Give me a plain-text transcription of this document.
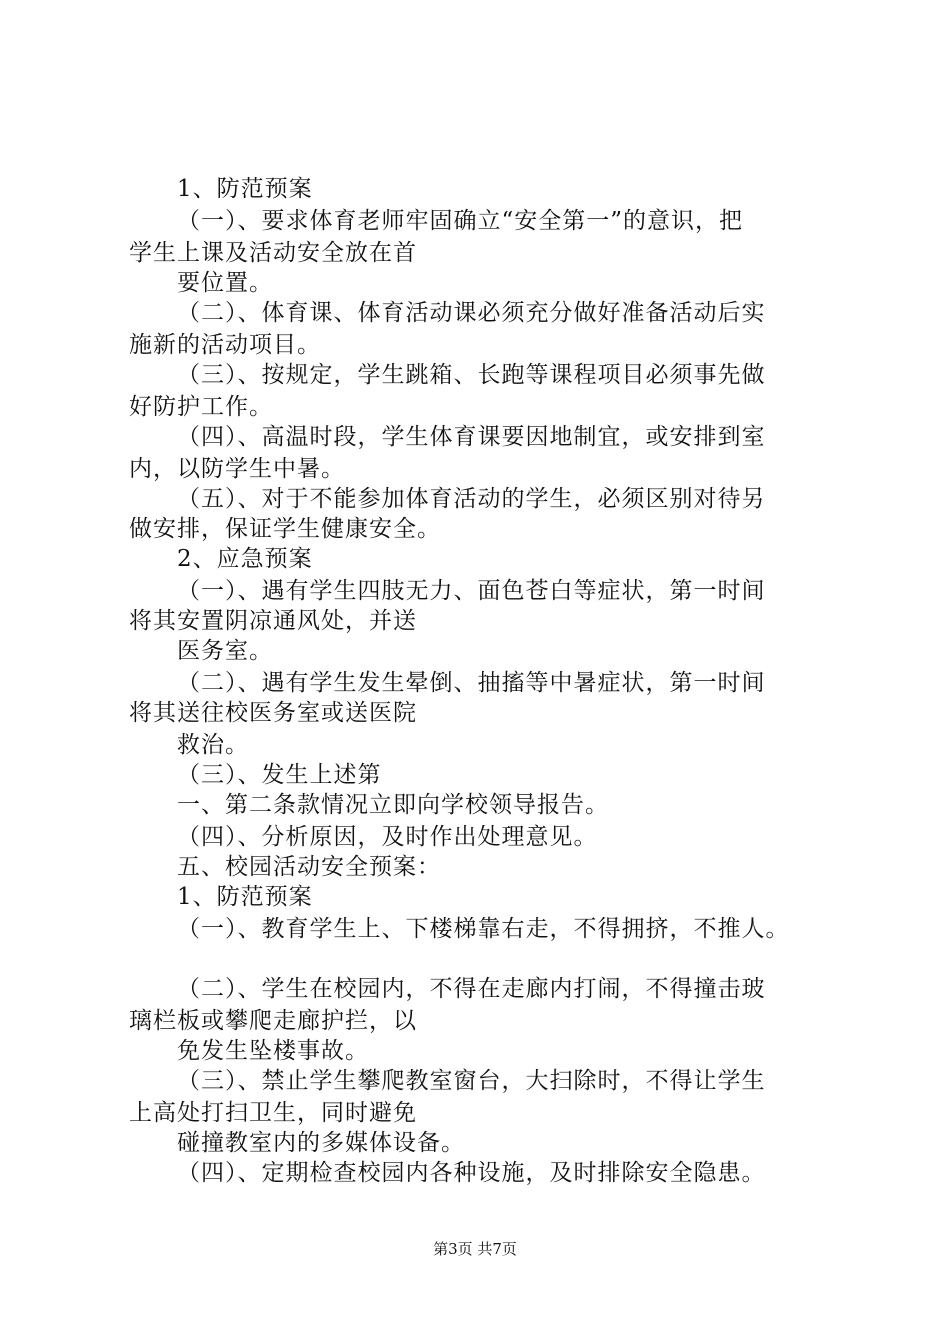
1、防范预案
（一）、要求体育老师牢固确立“安全第一”的意识，把
学生上课及活动安全放在首
要位置。
（二）、体育课、体育活动课必须充分做好准备活动后实
施新的活动项目。
（三）、按规定，学生跳箱、长跑等课程项目必须事先做
好防护工作。
（四）、高温时段，学生体育课要因地制宜，或安排到室
内，以防学生中暑。
（五）、对于不能参加体育活动的学生，必须区别对待另
做安排，保证学生健康安全。
2、应急预案
（一）、遇有学生四肢无力、面色苍白等症状，第一时间
将其安置阴凉通风处，并送
医务室。
（二）、遇有学生发生晕倒、抽搐等中暑症状，第一时间
将其送往校医务室或送医院
救治。
（三）、发生上述第
一、第二条款情况立即向学校领导报告。
（四）、分析原因，及时作出处理意见。
五、校园活动安全预案：
1、防范预案
（一）、教育学生上、下楼梯靠右走，不得拥挤，不推人。
（二）、学生在校园内，不得在走廊内打闹，不得撞击玻
璃栏板或攀爬走廊护拦，以
免发生坠楼事故。
（三）、禁止学生攀爬教室窗台，大扫除时，不得让学生
上高处打扫卫生，同时避免
碰撞教室内的多媒体设备。
（四）、定期检查校园内各种设施，及时排除安全隐患。
第3页 共7页
